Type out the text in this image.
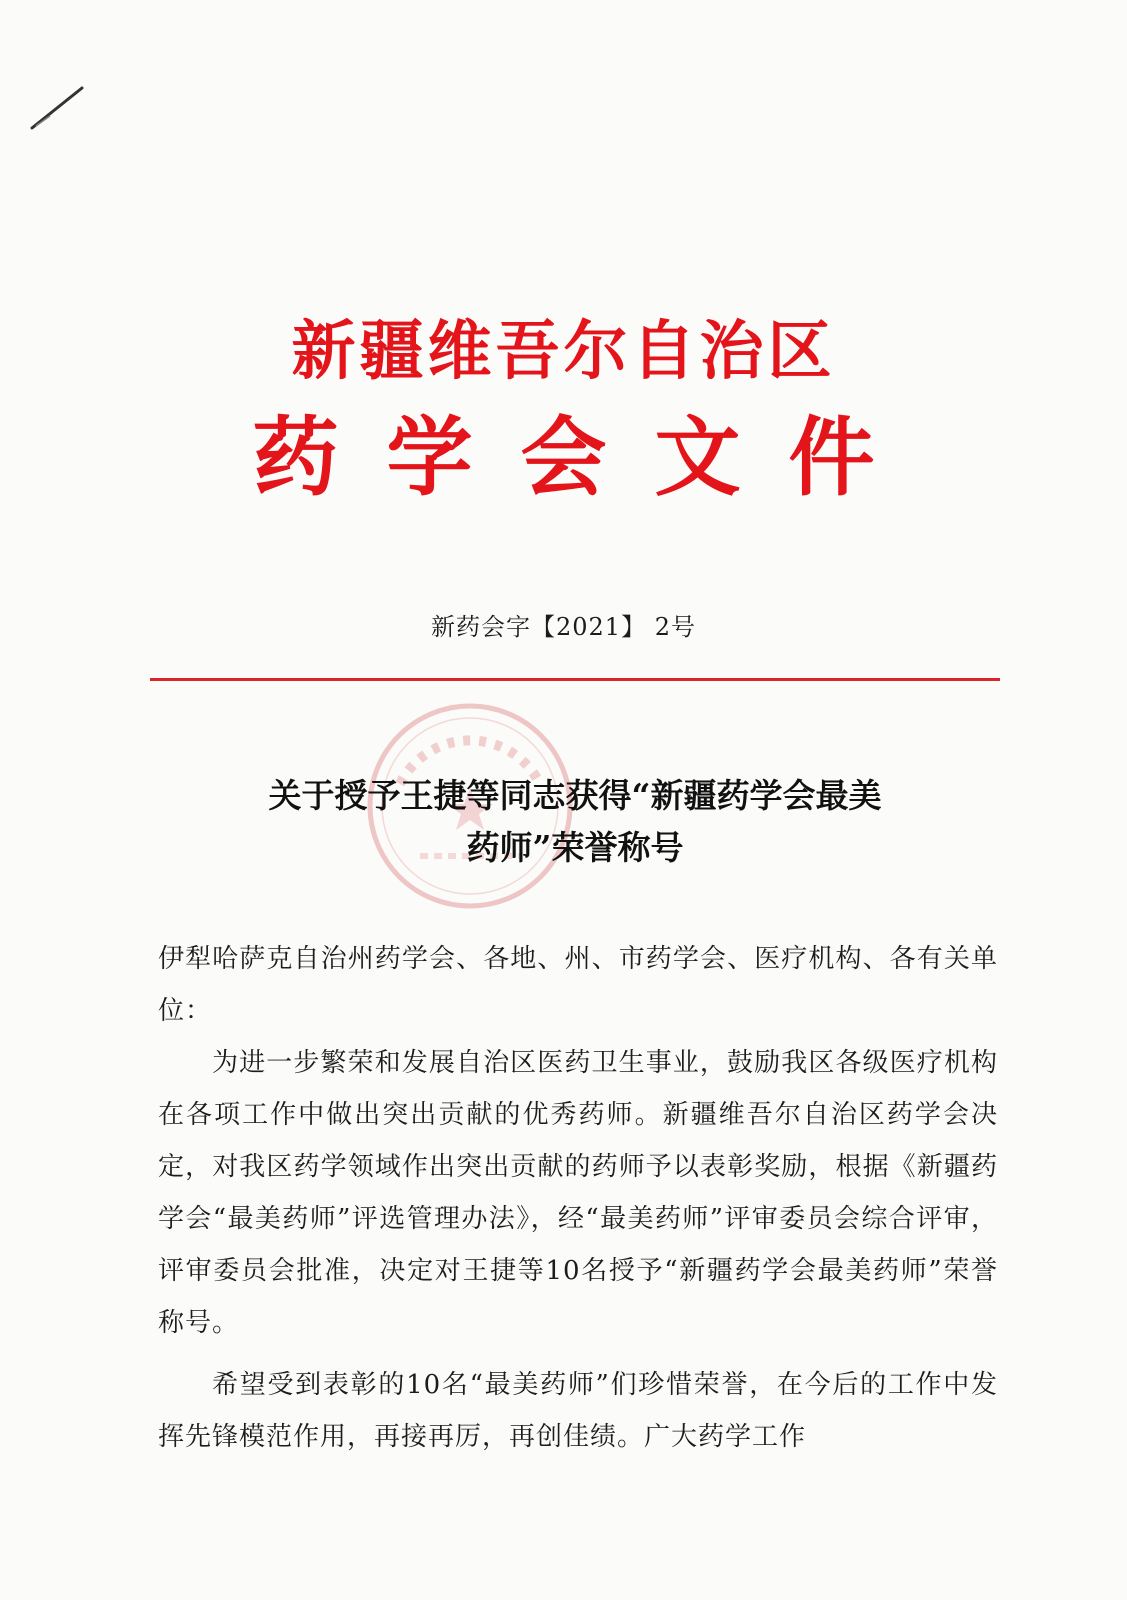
新疆维吾尔自治区
药学会文件
新药会字【2021】 2号
关于授予王捷等同志获得“新疆药学会最美
药师”荣誉称号

伊犁哈萨克自治州药学会、各地、州、市药学会、医疗机构、各有关单位：

为进一步繁荣和发展自治区医药卫生事业，鼓励我区各级医疗机构在各项工作中做出突出贡献的优秀药师。新疆维吾尔自治区药学会决定，对我区药学领域作出突出贡献的药师予以表彰奖励，根据《新疆药学会“最美药师”评选管理办法》，经“最美药师”评审委员会综合评审，评审委员会批准，决定对王捷等10名授予“新疆药学会最美药师”荣誉称号。

希望受到表彰的10名“最美药师”们珍惜荣誉，在今后的工作中发挥先锋模范作用，再接再厉，再创佳绩。广大药学工作
